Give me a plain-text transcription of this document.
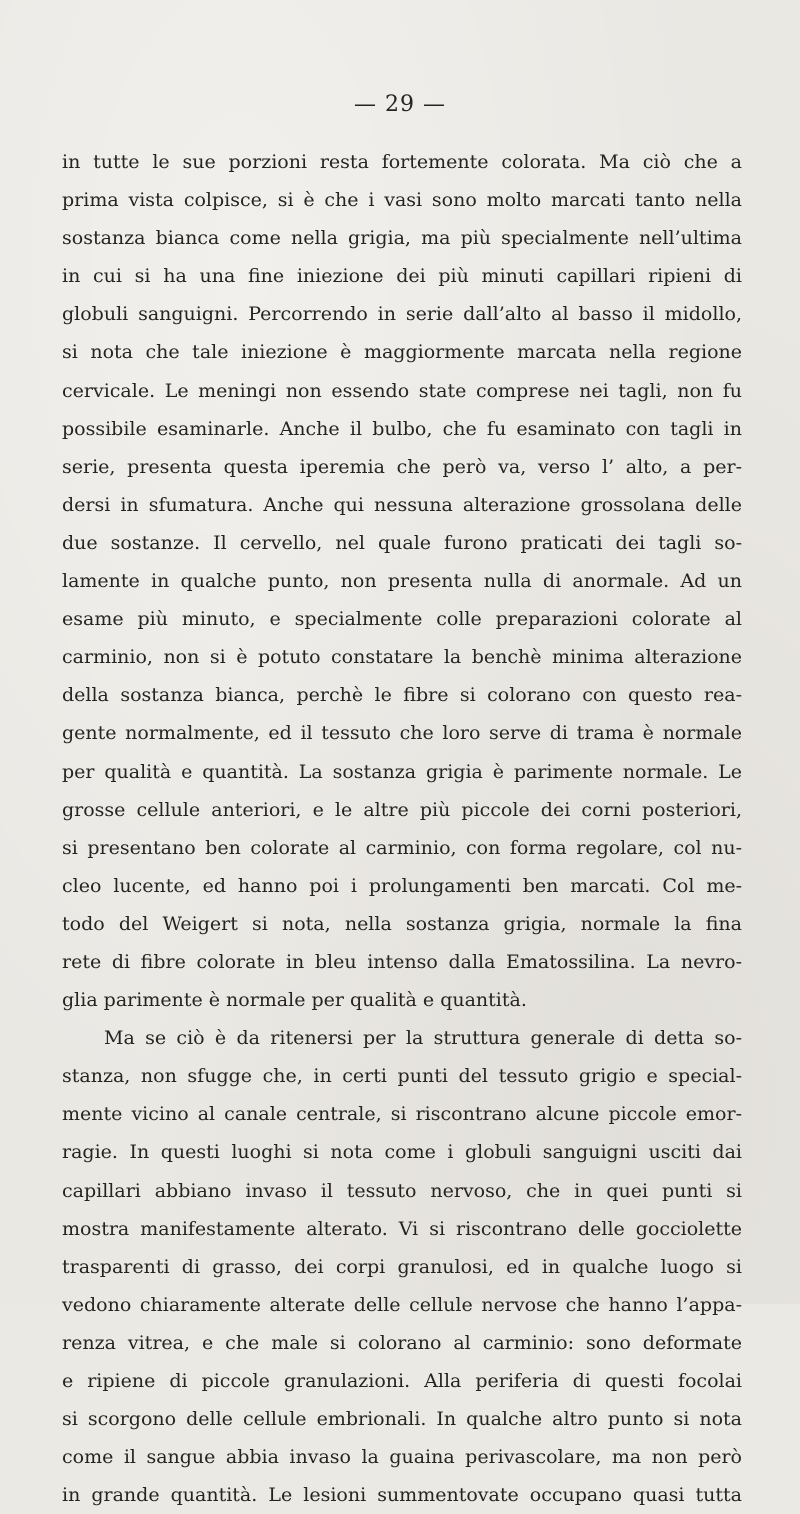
— 29 —
in tutte le sue porzioni resta fortemente colorata. Ma ciò che a
prima vista colpisce, si è che i vasi sono molto marcati tanto nella
sostanza bianca come nella grigia, ma più specialmente nell’ultima
in cui si ha una fine iniezione dei più minuti capillari ripieni di
globuli sanguigni. Percorrendo in serie dall’alto al basso il midollo,
si nota che tale iniezione è maggiormente marcata nella regione
cervicale. Le meningi non essendo state comprese nei tagli, non fu
possibile esaminarle. Anche il bulbo, che fu esaminato con tagli in
serie, presenta questa iperemia che però va, verso l’ alto, a per-
dersi in sfumatura. Anche qui nessuna alterazione grossolana delle
due sostanze. Il cervello, nel quale furono praticati dei tagli so-
lamente in qualche punto, non presenta nulla di anormale. Ad un
esame più minuto, e specialmente colle preparazioni colorate al
carminio, non si è potuto constatare la benchè minima alterazione
della sostanza bianca, perchè le fibre si colorano con questo rea-
gente normalmente, ed il tessuto che loro serve di trama è normale
per qualità e quantità. La sostanza grigia è parimente normale. Le
grosse cellule anteriori, e le altre più piccole dei corni posteriori,
si presentano ben colorate al carminio, con forma regolare, col nu-
cleo lucente, ed hanno poi i prolungamenti ben marcati. Col me-
todo del Weigert si nota, nella sostanza grigia, normale la fina
rete di fibre colorate in bleu intenso dalla Ematossilina. La nevro-
glia parimente è normale per qualità e quantità.
Ma se ciò è da ritenersi per la struttura generale di detta so-
stanza, non sfugge che, in certi punti del tessuto grigio e special-
mente vicino al canale centrale, si riscontrano alcune piccole emor-
ragie. In questi luoghi si nota come i globuli sanguigni usciti dai
capillari abbiano invaso il tessuto nervoso, che in quei punti si
mostra manifestamente alterato. Vi si riscontrano delle gocciolette
trasparenti di grasso, dei corpi granulosi, ed in qualche luogo si
vedono chiaramente alterate delle cellule nervose che hanno l’appa-
renza vitrea, e che male si colorano al carminio: sono deformate
e ripiene di piccole granulazioni. Alla periferia di questi focolai
si scorgono delle cellule embrionali. In qualche altro punto si nota
come il sangue abbia invaso la guaina perivascolare, ma non però
in grande quantità. Le lesioni summentovate occupano quasi tutta
